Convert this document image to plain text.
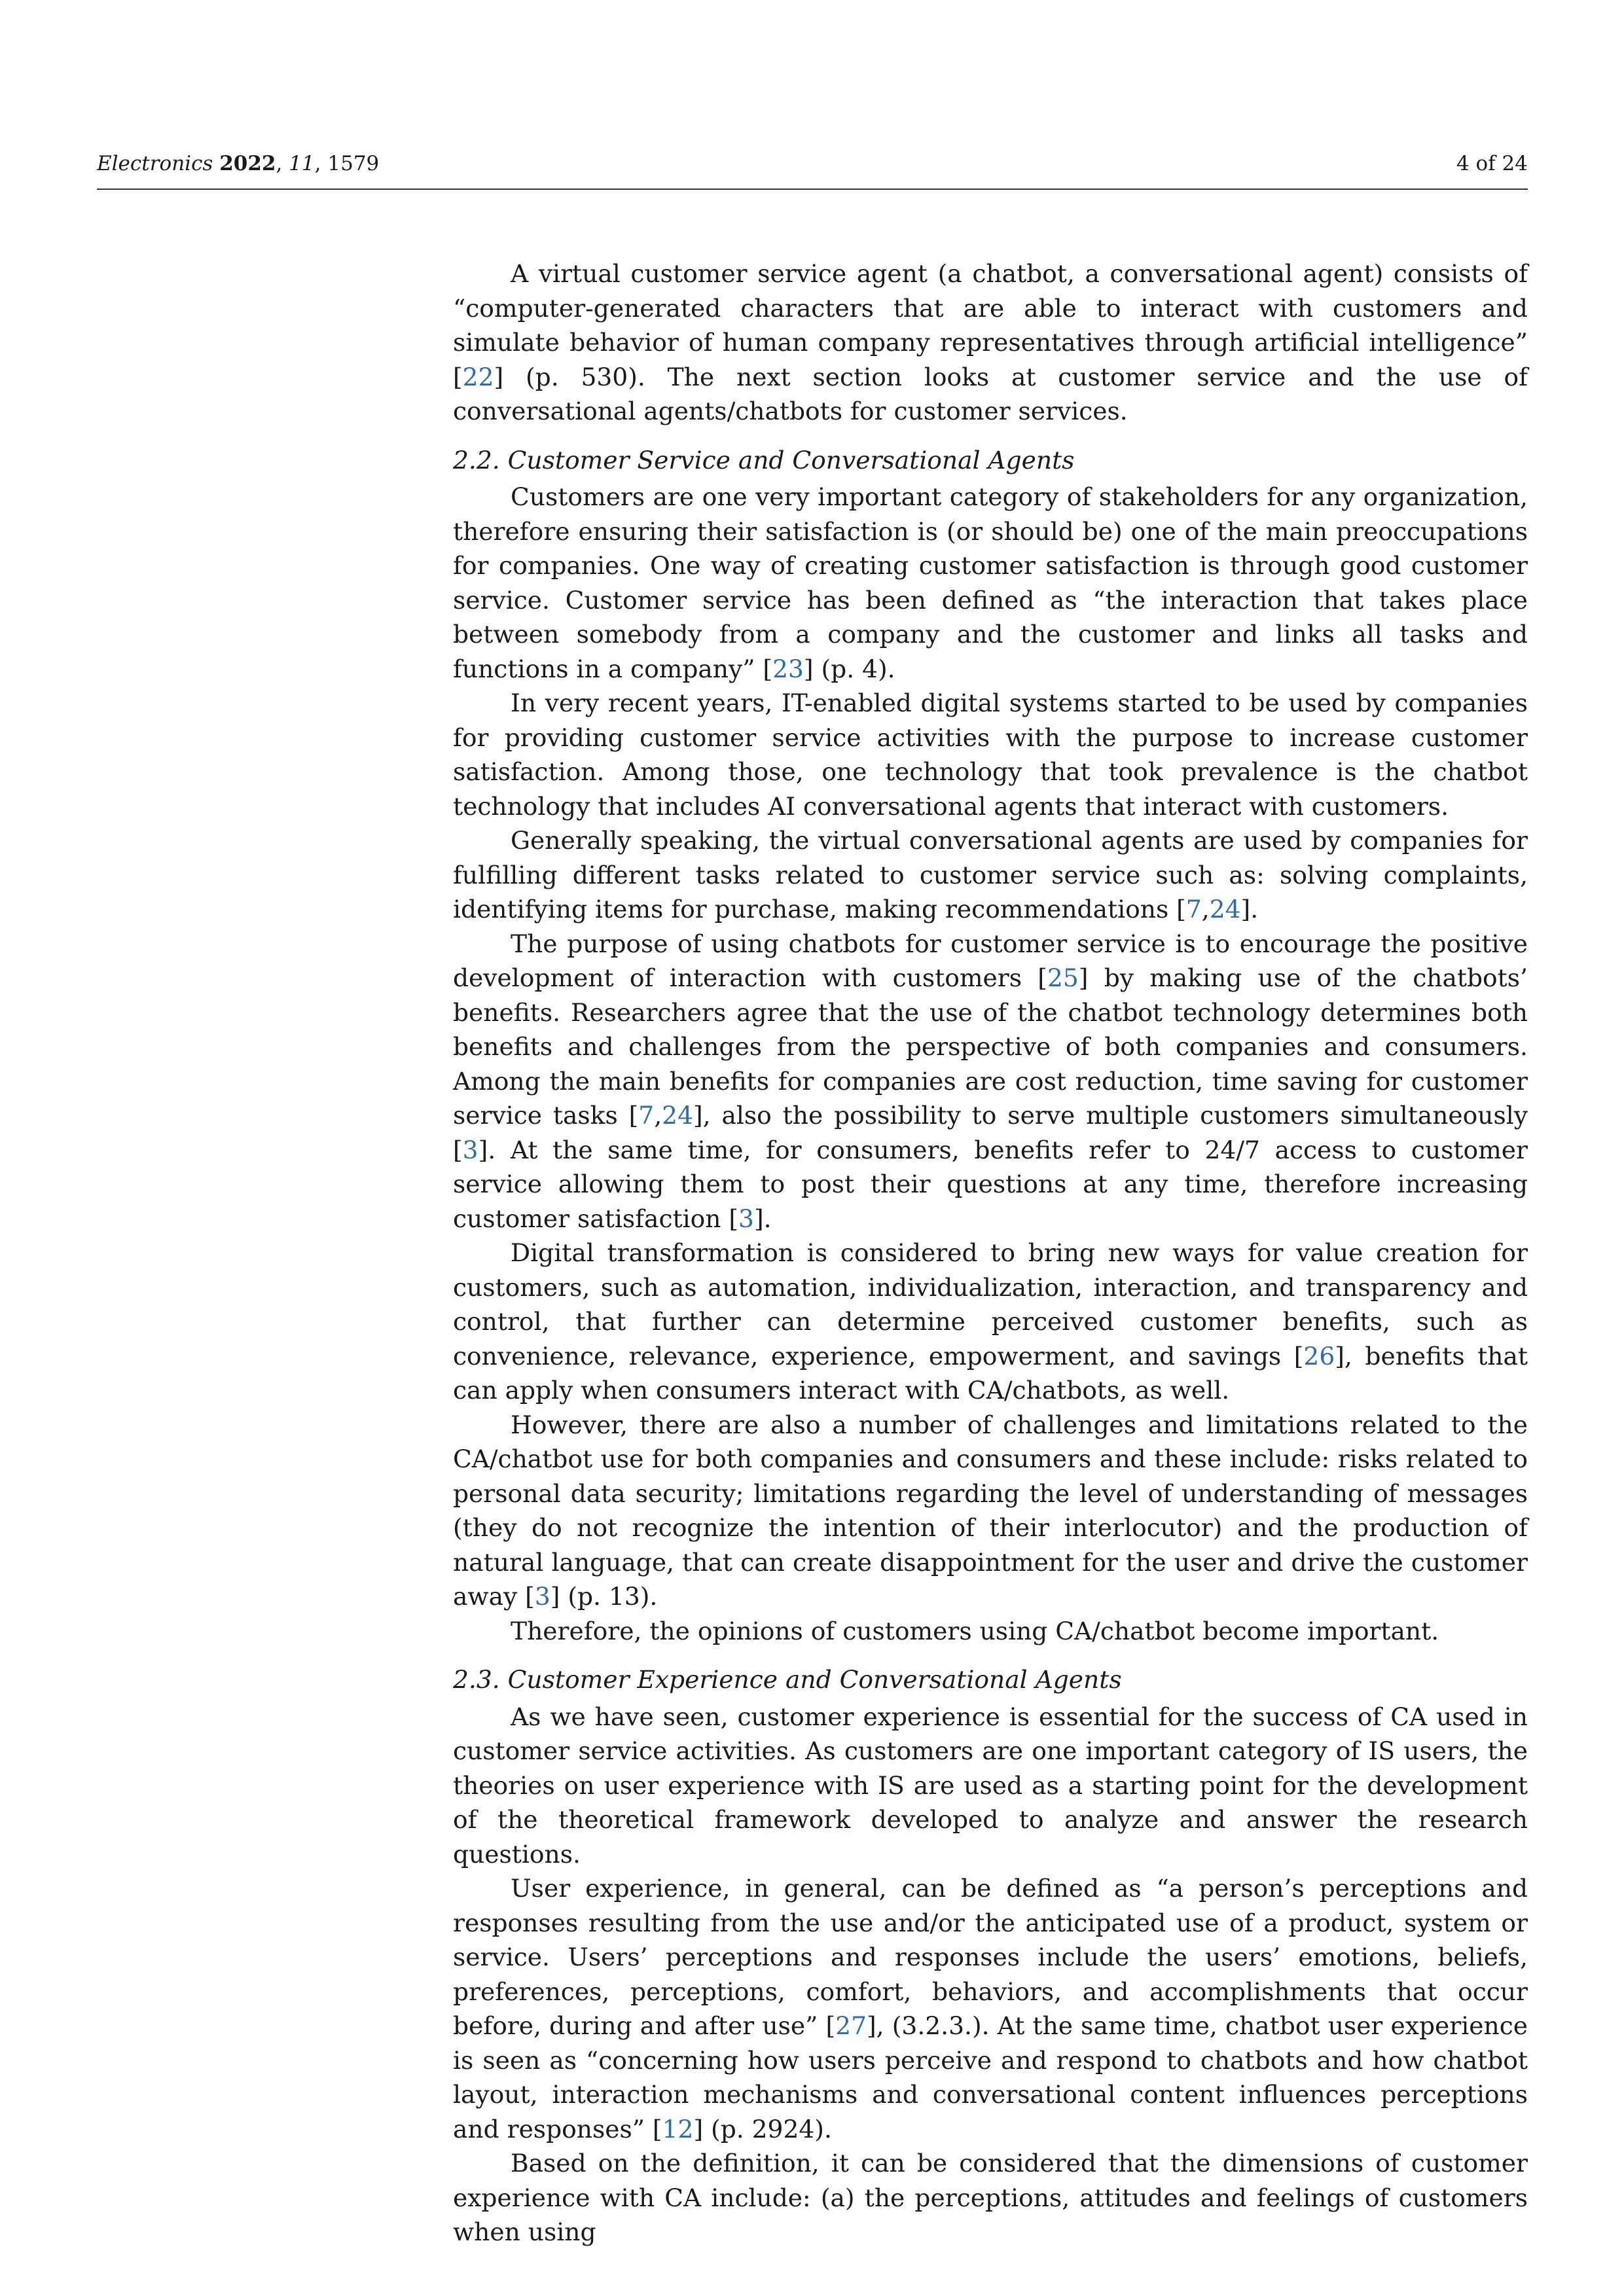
Electronics 2022, 11, 1579	4 of 24

A virtual customer service agent (a chatbot, a conversational agent) consists of “computer-generated characters that are able to interact with customers and simulate behavior of human company representatives through artificial intelligence” [22] (p. 530). The next section looks at customer service and the use of conversational agents/chatbots for customer services.

2.2. Customer Service and Conversational Agents

Customers are one very important category of stakeholders for any organization, therefore ensuring their satisfaction is (or should be) one of the main preoccupations for companies. One way of creating customer satisfaction is through good customer service. Customer service has been defined as “the interaction that takes place between somebody from a company and the customer and links all tasks and functions in a company” [23] (p. 4).

In very recent years, IT-enabled digital systems started to be used by companies for providing customer service activities with the purpose to increase customer satisfaction. Among those, one technology that took prevalence is the chatbot technology that includes AI conversational agents that interact with customers.

Generally speaking, the virtual conversational agents are used by companies for fulfilling different tasks related to customer service such as: solving complaints, identifying items for purchase, making recommendations [7,24].

The purpose of using chatbots for customer service is to encourage the positive development of interaction with customers [25] by making use of the chatbots’ benefits. Researchers agree that the use of the chatbot technology determines both benefits and challenges from the perspective of both companies and consumers. Among the main benefits for companies are cost reduction, time saving for customer service tasks [7,24], also the possibility to serve multiple customers simultaneously [3]. At the same time, for consumers, benefits refer to 24/7 access to customer service allowing them to post their questions at any time, therefore increasing customer satisfaction [3].

Digital transformation is considered to bring new ways for value creation for customers, such as automation, individualization, interaction, and transparency and control, that further can determine perceived customer benefits, such as convenience, relevance, experience, empowerment, and savings [26], benefits that can apply when consumers interact with CA/chatbots, as well.

However, there are also a number of challenges and limitations related to the CA/chatbot use for both companies and consumers and these include: risks related to personal data security; limitations regarding the level of understanding of messages (they do not recognize the intention of their interlocutor) and the production of natural language, that can create disappointment for the user and drive the customer away [3] (p. 13).

Therefore, the opinions of customers using CA/chatbot become important.

2.3. Customer Experience and Conversational Agents

As we have seen, customer experience is essential for the success of CA used in customer service activities. As customers are one important category of IS users, the theories on user experience with IS are used as a starting point for the development of the theoretical framework developed to analyze and answer the research questions.

User experience, in general, can be defined as “a person’s perceptions and responses resulting from the use and/or the anticipated use of a product, system or service. Users’ perceptions and responses include the users’ emotions, beliefs, preferences, perceptions, comfort, behaviors, and accomplishments that occur before, during and after use” [27], (3.2.3.). At the same time, chatbot user experience is seen as “concerning how users perceive and respond to chatbots and how chatbot layout, interaction mechanisms and conversational content influences perceptions and responses” [12] (p. 2924).

Based on the definition, it can be considered that the dimensions of customer experience with CA include: (a) the perceptions, attitudes and feelings of customers when using
